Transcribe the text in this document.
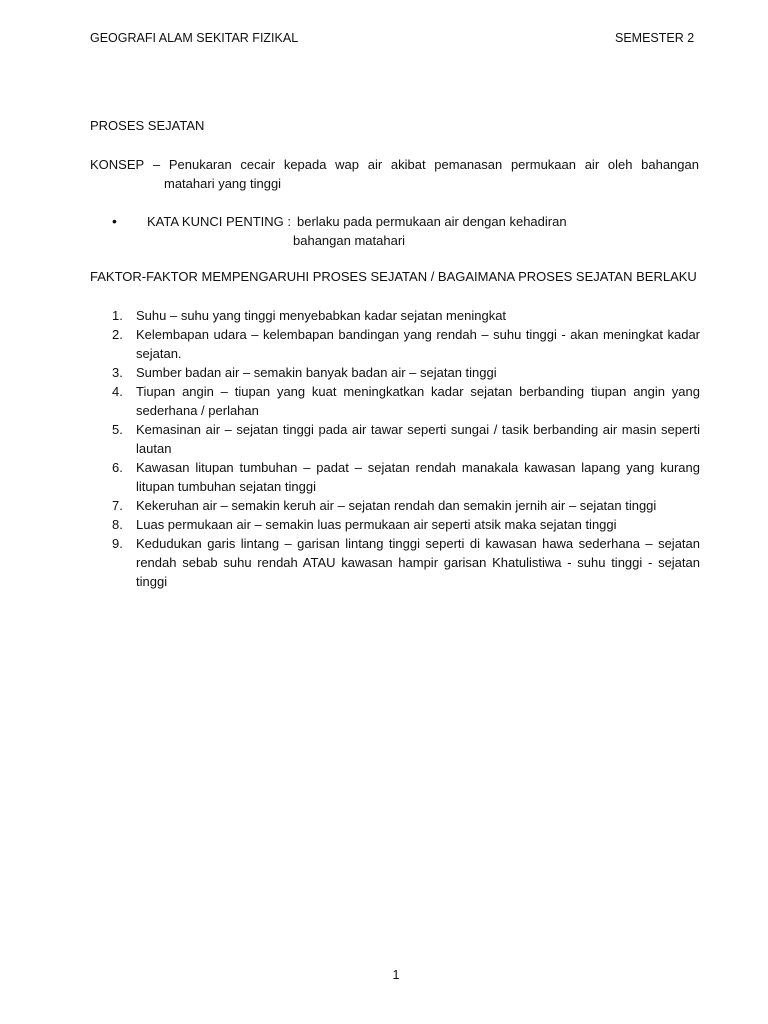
GEOGRAFI ALAM SEKITAR FIZIKAL	SEMESTER 2
PROSES SEJATAN
KONSEP – Penukaran cecair kepada wap air akibat pemanasan permukaan air oleh bahangan
matahari yang tinggi
• KATA KUNCI PENTING : berlaku pada permukaan air dengan kehadiran
bahangan matahari
FAKTOR-FAKTOR MEMPENGARUHI PROSES SEJATAN / BAGAIMANA PROSES SEJATAN BERLAKU
1. Suhu – suhu yang tinggi menyebabkan kadar sejatan meningkat
2. Kelembapan udara – kelembapan bandingan yang rendah – suhu tinggi - akan meningkat kadar sejatan.
3. Sumber badan air – semakin banyak badan air – sejatan tinggi
4. Tiupan angin – tiupan yang kuat meningkatkan kadar sejatan berbanding tiupan angin yang sederhana / perlahan
5. Kemasinan air – sejatan tinggi pada air tawar seperti sungai / tasik berbanding air masin seperti lautan
6. Kawasan litupan tumbuhan – padat – sejatan rendah manakala kawasan lapang yang kurang litupan tumbuhan sejatan tinggi
7. Kekeruhan air – semakin keruh air – sejatan rendah dan semakin jernih air – sejatan tinggi
8. Luas permukaan air – semakin luas permukaan air seperti atsik maka sejatan tinggi
9. Kedudukan garis lintang – garisan lintang tinggi seperti di kawasan hawa sederhana – sejatan rendah sebab suhu rendah ATAU kawasan hampir garisan Khatulistiwa - suhu tinggi - sejatan tinggi
1
